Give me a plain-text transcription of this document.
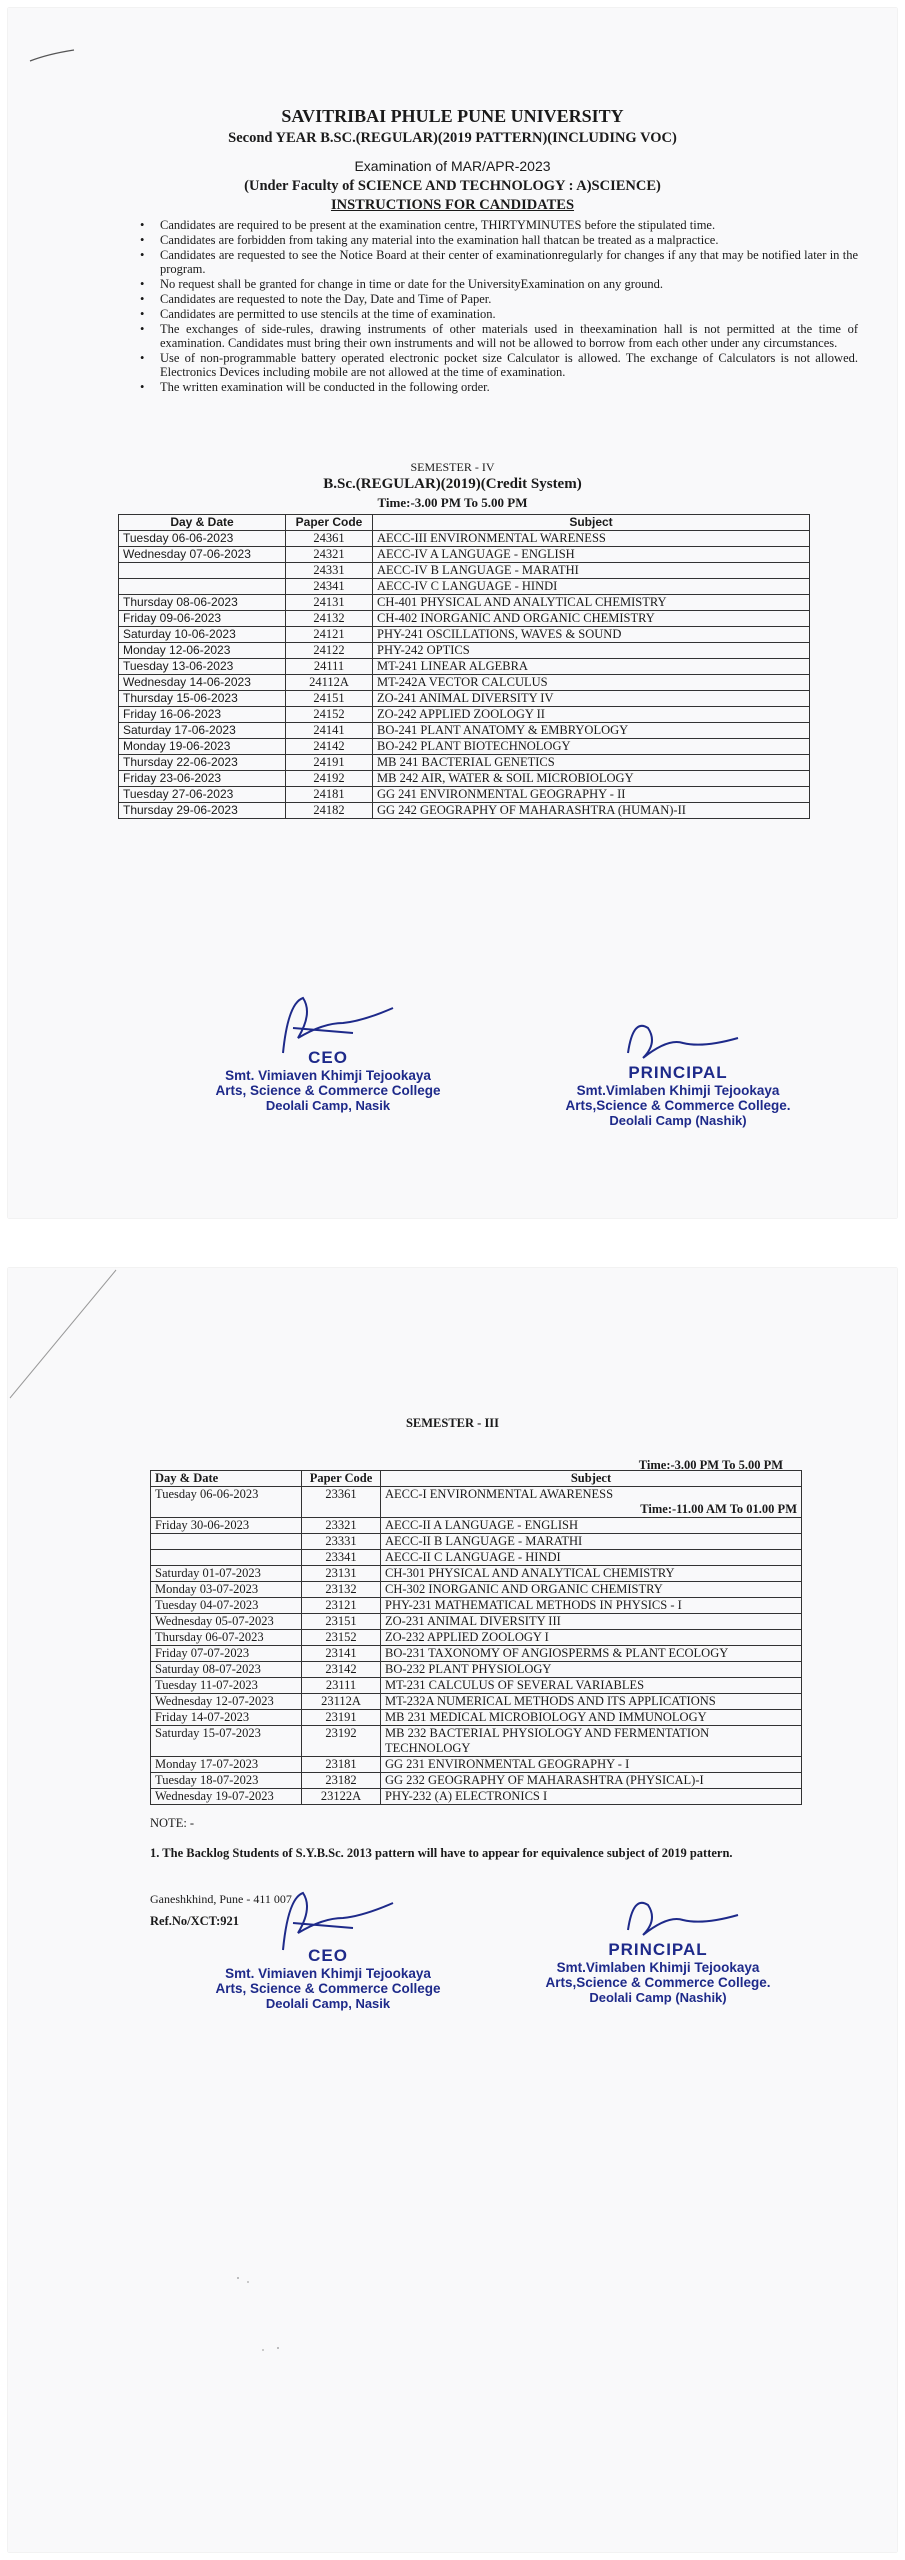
SAVITRIBAI PHULE PUNE UNIVERSITY
Second YEAR B.SC.(REGULAR)(2019 PATTERN)(INCLUDING VOC)
Examination of MAR/APR-2023
(Under Faculty of SCIENCE AND TECHNOLOGY : A)SCIENCE)
INSTRUCTIONS FOR CANDIDATES
• Candidates are required to be present at the examination centre, THIRTYMINUTES before the stipulated time.
• Candidates are forbidden from taking any material into the examination hall thatcan be treated as a malpractice.
• Candidates are requested to see the Notice Board at their center of examinationregularly for changes if any that may be notified later in the program.
• No request shall be granted for change in time or date for the UniversityExamination on any ground.
• Candidates are requested to note the Day, Date and Time of Paper.
• Candidates are permitted to use stencils at the time of examination.
• The exchanges of side-rules, drawing instruments of other materials used in theexamination hall is not permitted at the time of examination. Candidates must bring their own instruments and will not be allowed to borrow from each other under any circumstances.
• Use of non-programmable battery operated electronic pocket size Calculator is allowed. The exchange of Calculators is not allowed. Electronics Devices including mobile are not allowed at the time of examination.
• The written examination will be conducted in the following order.
SEMESTER - IV
B.Sc.(REGULAR)(2019)(Credit System)
Time:-3.00 PM To 5.00 PM
Day & Date	Paper Code	Subject
Tuesday 06-06-2023	24361	AECC-III ENVIRONMENTAL WARENESS
Wednesday 07-06-2023	24321	AECC-IV A LANGUAGE - ENGLISH
	24331	AECC-IV B LANGUAGE - MARATHI
	24341	AECC-IV C LANGUAGE - HINDI
Thursday 08-06-2023	24131	CH-401 PHYSICAL AND ANALYTICAL CHEMISTRY
Friday 09-06-2023	24132	CH-402 INORGANIC AND ORGANIC CHEMISTRY
Saturday 10-06-2023	24121	PHY-241 OSCILLATIONS, WAVES & SOUND
Monday 12-06-2023	24122	PHY-242 OPTICS
Tuesday 13-06-2023	24111	MT-241 LINEAR ALGEBRA
Wednesday 14-06-2023	24112A	MT-242A VECTOR CALCULUS
Thursday 15-06-2023	24151	ZO-241 ANIMAL DIVERSITY IV
Friday 16-06-2023	24152	ZO-242 APPLIED ZOOLOGY II
Saturday 17-06-2023	24141	BO-241 PLANT ANATOMY & EMBRYOLOGY
Monday 19-06-2023	24142	BO-242 PLANT BIOTECHNOLOGY
Thursday 22-06-2023	24191	MB 241 BACTERIAL GENETICS
Friday 23-06-2023	24192	MB 242 AIR, WATER & SOIL MICROBIOLOGY
Tuesday 27-06-2023	24181	GG 241 ENVIRONMENTAL GEOGRAPHY - II
Thursday 29-06-2023	24182	GG 242 GEOGRAPHY OF MAHARASHTRA (HUMAN)-II
CEO
Smt. Vimiaven Khimji Tejookaya
Arts, Science & Commerce College
Deolali Camp, Nasik
PRINCIPAL
Smt.Vimlaben Khimji Tejookaya
Arts,Science & Commerce College.
Deolali Camp (Nashik)
SEMESTER - III
Time:-3.00 PM To 5.00 PM
Day & Date	Paper Code	Subject
Tuesday 06-06-2023	23361	AECC-I ENVIRONMENTAL AWARENESS
Time:-11.00 AM To 01.00 PM

Friday 30-06-2023	23321	AECC-II A LANGUAGE - ENGLISH
	23331	AECC-II B LANGUAGE - MARATHI
	23341	AECC-II C LANGUAGE - HINDI
Saturday 01-07-2023	23131	CH-301 PHYSICAL AND ANALYTICAL CHEMISTRY
Monday 03-07-2023	23132	CH-302 INORGANIC AND ORGANIC CHEMISTRY
Tuesday 04-07-2023	23121	PHY-231 MATHEMATICAL METHODS IN PHYSICS - I
Wednesday 05-07-2023	23151	ZO-231 ANIMAL DIVERSITY III
Thursday 06-07-2023	23152	ZO-232 APPLIED ZOOLOGY I
Friday 07-07-2023	23141	BO-231 TAXONOMY OF ANGIOSPERMS & PLANT ECOLOGY
Saturday 08-07-2023	23142	BO-232 PLANT PHYSIOLOGY
Tuesday 11-07-2023	23111	MT-231 CALCULUS OF SEVERAL VARIABLES
Wednesday 12-07-2023	23112A	MT-232A NUMERICAL METHODS AND ITS APPLICATIONS
Friday 14-07-2023	23191	MB 231 MEDICAL MICROBIOLOGY AND IMMUNOLOGY
Saturday 15-07-2023	23192	MB 232 BACTERIAL PHYSIOLOGY AND FERMENTATION TECHNOLOGY
Monday 17-07-2023	23181	GG 231 ENVIRONMENTAL GEOGRAPHY - I
Tuesday 18-07-2023	23182	GG 232 GEOGRAPHY OF MAHARASHTRA (PHYSICAL)-I
Wednesday 19-07-2023	23122A	PHY-232 (A) ELECTRONICS I
NOTE: -
1. The Backlog Students of S.Y.B.Sc. 2013 pattern will have to appear for equivalence subject of 2019 pattern.
Ganeshkhind, Pune - 411 007
Ref.No/XCT:921
CEO
Smt. Vimiaven Khimji Tejookaya
Arts, Science & Commerce College
Deolali Camp, Nasik
PRINCIPAL
Smt.Vimlaben Khimji Tejookaya
Arts,Science & Commerce College.
Deolali Camp (Nashik)
